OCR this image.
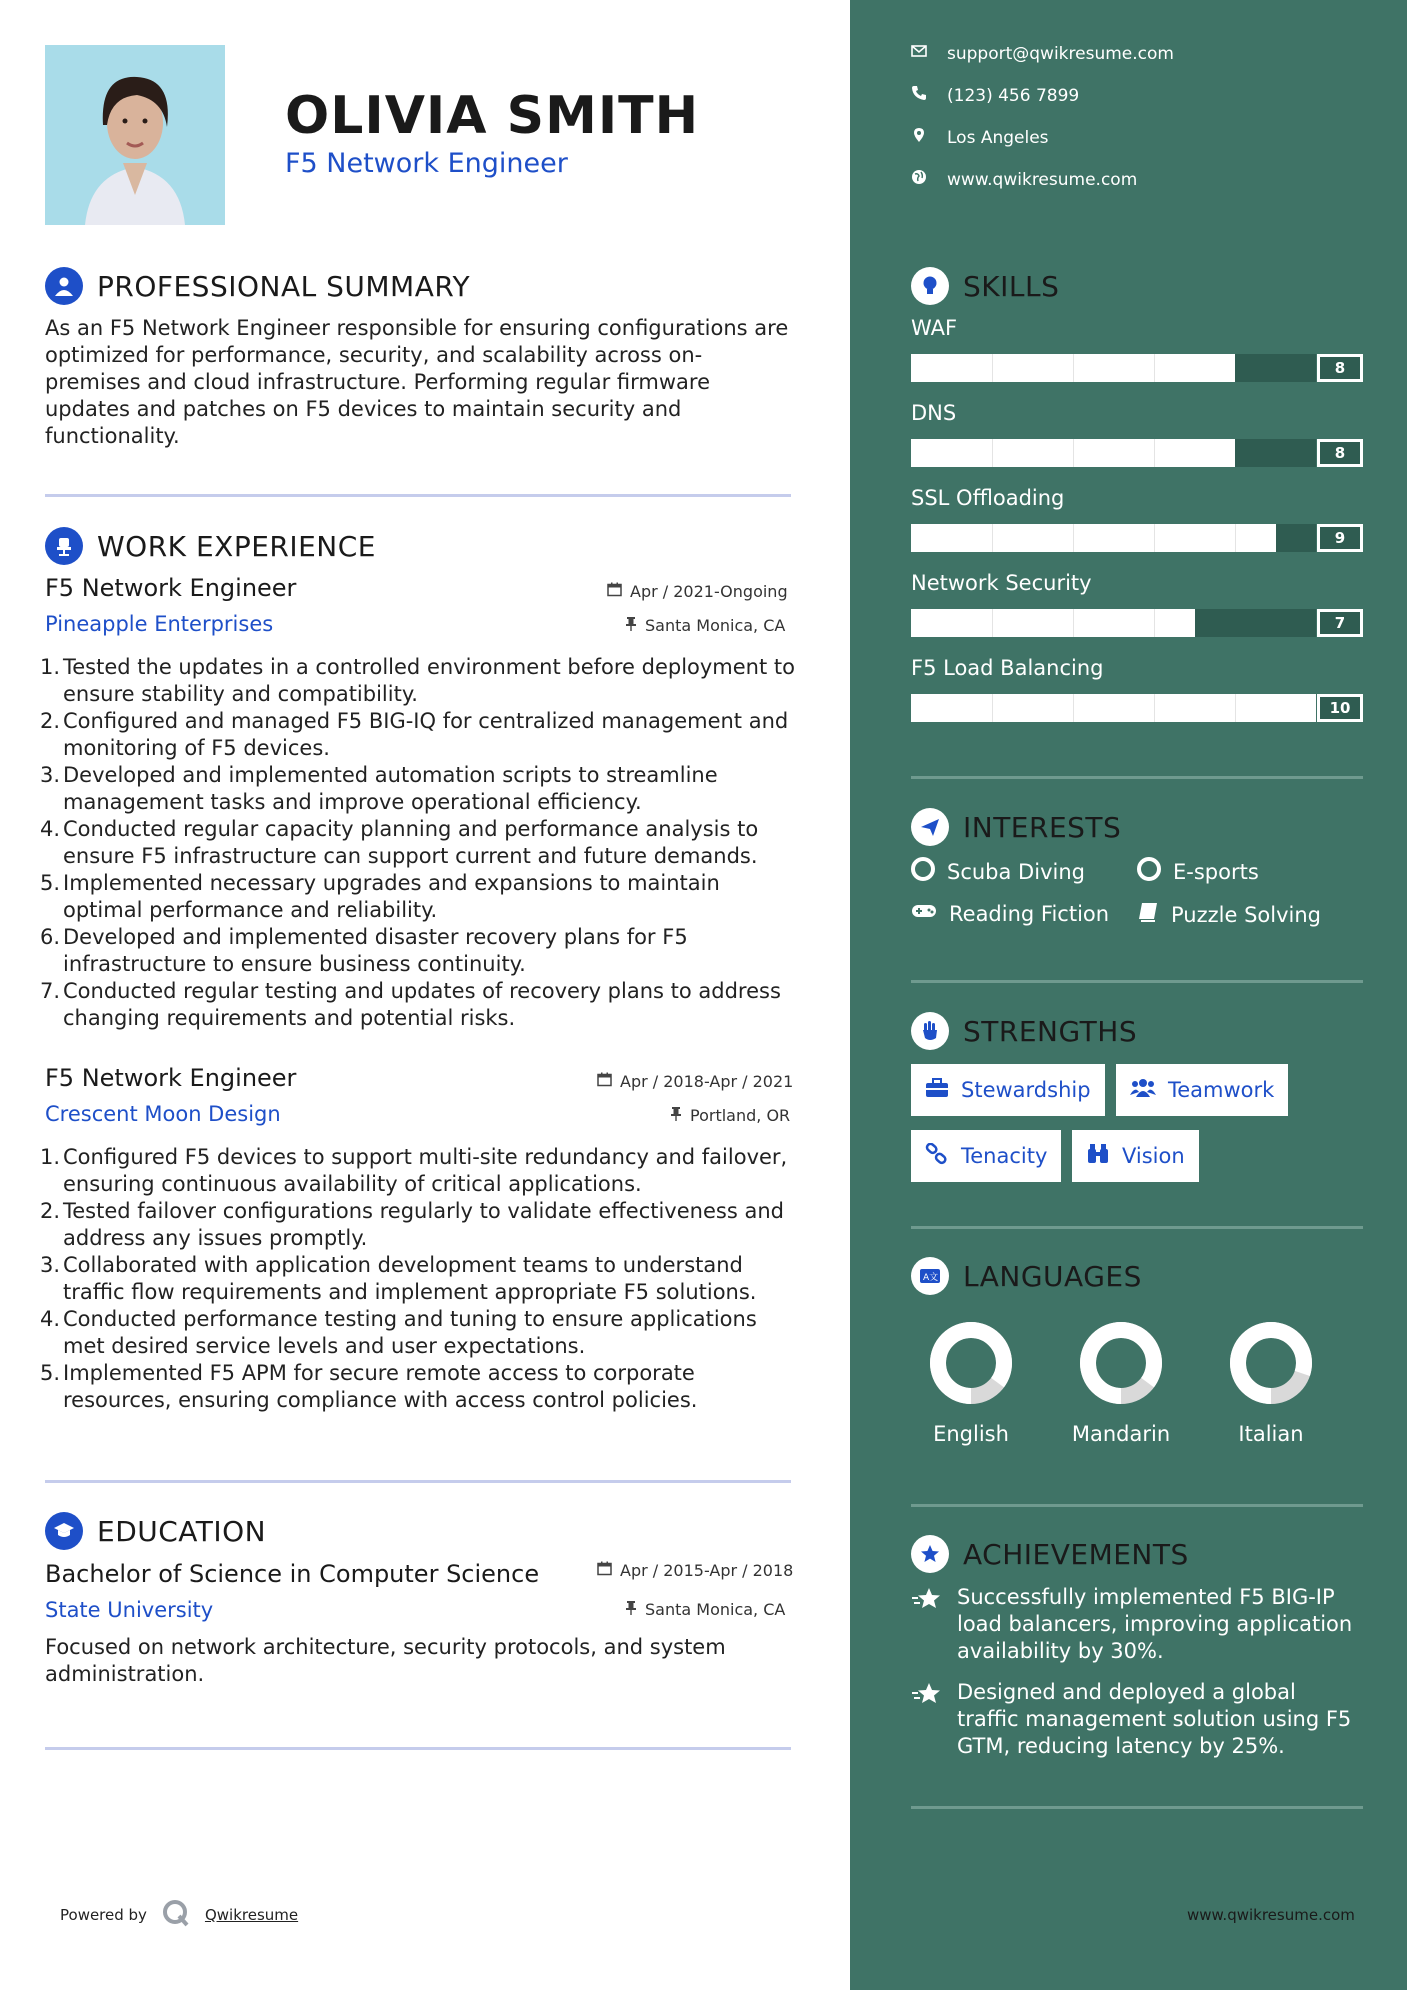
OLIVIA SMITH
F5 Network Engineer
PROFESSIONAL SUMMARY
As an F5 Network Engineer responsible for ensuring configurations are optimized for performance, security, and scalability across on-premises and cloud infrastructure. Performing regular firmware updates and patches on F5 devices to maintain security and functionality.
WORK EXPERIENCE
F5 Network Engineer	Apr / 2021-Ongoing
Pineapple Enterprises	Santa Monica, CA
1. Tested the updates in a controlled environment before deployment to ensure stability and compatibility.
2. Configured and managed F5 BIG-IQ for centralized management and monitoring of F5 devices.
3. Developed and implemented automation scripts to streamline management tasks and improve operational efficiency.
4. Conducted regular capacity planning and performance analysis to ensure F5 infrastructure can support current and future demands.
5. Implemented necessary upgrades and expansions to maintain optimal performance and reliability.
6. Developed and implemented disaster recovery plans for F5 infrastructure to ensure business continuity.
7. Conducted regular testing and updates of recovery plans to address changing requirements and potential risks.
F5 Network Engineer	Apr / 2018-Apr / 2021
Crescent Moon Design	Portland, OR
1. Configured F5 devices to support multi-site redundancy and failover, ensuring continuous availability of critical applications.
2. Tested failover configurations regularly to validate effectiveness and address any issues promptly.
3. Collaborated with application development teams to understand traffic flow requirements and implement appropriate F5 solutions.
4. Conducted performance testing and tuning to ensure applications met desired service levels and user expectations.
5. Implemented F5 APM for secure remote access to corporate resources, ensuring compliance with access control policies.
EDUCATION
Bachelor of Science in Computer Science	Apr / 2015-Apr / 2018
State University	Santa Monica, CA
Focused on network architecture, security protocols, and system administration.
Powered by	Qwikresume
support@qwikresume.com
(123) 456 7899
Los Angeles
www.qwikresume.com
SKILLS
WAF
8
DNS
8
SSL Offloading
9
Network Security
7
F5 Load Balancing
10
INTERESTS
Scuba Diving	E-sports
Reading Fiction	Puzzle Solving
STRENGTHS
Stewardship	Teamwork
Tenacity	Vision
A文 LANGUAGES
English	Mandarin	Italian
ACHIEVEMENTS
Successfully implemented F5 BIG-IP load balancers, improving application availability by 30%.
Designed and deployed a global traffic management solution using F5 GTM, reducing latency by 25%.
www.qwikresume.com
